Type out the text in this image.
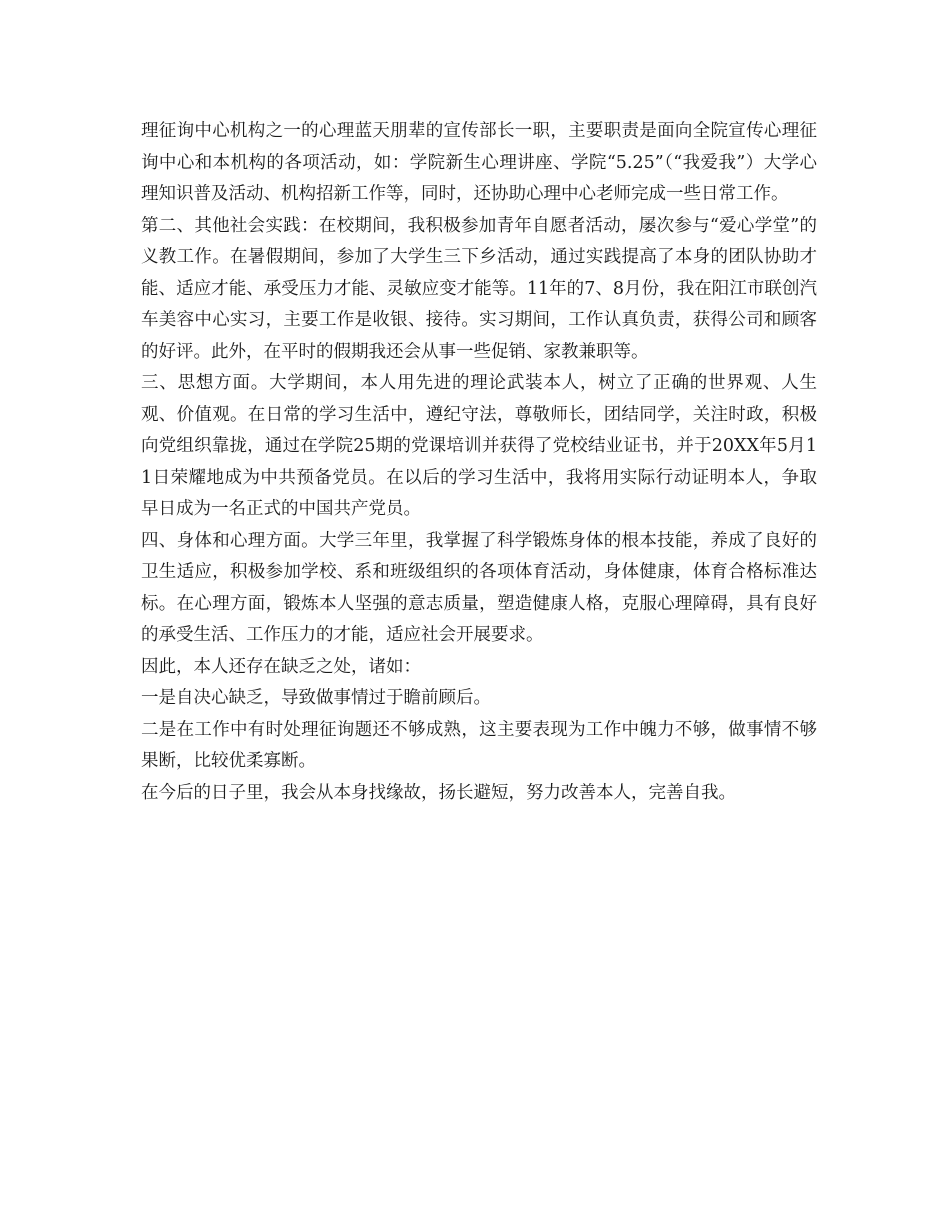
理征询中心机构之一的心理蓝天朋辈的宣传部长一职，主要职责是面向全院宣传心理征询中心和本机构的各项活动，如：学院新生心理讲座、学院“5.25”（“我爱我”）大学心理知识普及活动、机构招新工作等，同时，还协助心理中心老师完成一些日常工作。

第二、其他社会实践：在校期间，我积极参加青年自愿者活动，屡次参与“爱心学堂”的义教工作。在暑假期间，参加了大学生三下乡活动，通过实践提高了本身的团队协助才能、适应才能、承受压力才能、灵敏应变才能等。11年的7、8月份，我在阳江市联创汽车美容中心实习，主要工作是收银、接待。实习期间，工作认真负责，获得公司和顾客的好评。此外，在平时的假期我还会从事一些促销、家教兼职等。

三、思想方面。大学期间，本人用先进的理论武装本人，树立了正确的世界观、人生观、价值观。在日常的学习生活中，遵纪守法，尊敬师长，团结同学，关注时政，积极向党组织靠拢，通过在学院25期的党课培训并获得了党校结业证书，并于20XX年5月11日荣耀地成为中共预备党员。在以后的学习生活中，我将用实际行动证明本人，争取早日成为一名正式的中国共产党员。

四、身体和心理方面。大学三年里，我掌握了科学锻炼身体的根本技能，养成了良好的卫生适应，积极参加学校、系和班级组织的各项体育活动，身体健康，体育合格标准达标。在心理方面，锻炼本人坚强的意志质量，塑造健康人格，克服心理障碍，具有良好的承受生活、工作压力的才能，适应社会开展要求。

因此，本人还存在缺乏之处，诸如：

一是自决心缺乏，导致做事情过于瞻前顾后。

二是在工作中有时处理征询题还不够成熟，这主要表现为工作中魄力不够，做事情不够果断，比较优柔寡断。

在今后的日子里，我会从本身找缘故，扬长避短，努力改善本人，完善自我。
